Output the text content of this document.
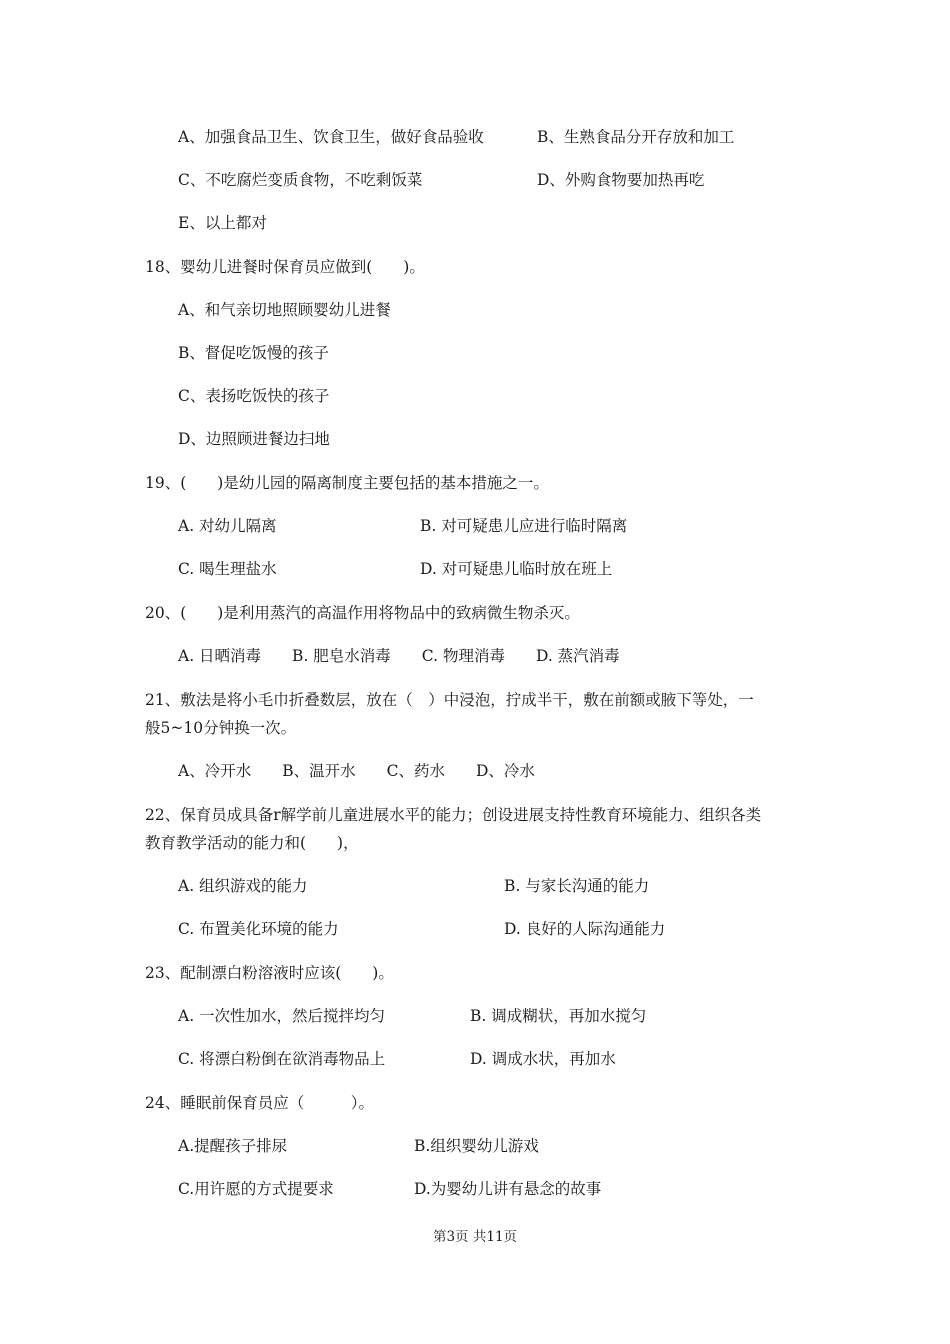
A、加强食品卫生、饮食卫生，做好食品验收	B、生熟食品分开存放和加工
C、不吃腐烂变质食物，不吃剩饭菜	D、外购食物要加热再吃
E、以上都对
18、婴幼儿进餐时保育员应做到(　　)。
A、和气亲切地照顾婴幼儿进餐
B、督促吃饭慢的孩子
C、表扬吃饭快的孩子
D、边照顾进餐边扫地
19、(　　)是幼儿园的隔离制度主要包括的基本措施之一。
A. 对幼儿隔离	B. 对可疑患儿应进行临时隔离
C. 喝生理盐水	D. 对可疑患儿临时放在班上
20、(　　)是利用蒸汽的高温作用将物品中的致病微生物杀灭。
A. 日晒消毒　　B. 肥皂水消毒　　C. 物理消毒　　D. 蒸汽消毒
21、敷法是将小毛巾折叠数层，放在（　）中浸泡，拧成半干，敷在前额或腋下等处，一
般5~10分钟换一次。
A、冷开水　　B、温开水　　C、药水　　D、冷水
22、保育员成具备r解学前儿童进展水平的能力；创设进展支持性教育环境能力、组织各类
教育教学活动的能力和(　　)，
A. 组织游戏的能力	B. 与家长沟通的能力
C. 布置美化环境的能力	D. 良好的人际沟通能力
23、配制漂白粉溶液时应该(　　)。
A. 一次性加水，然后搅拌均匀	B. 调成糊状，再加水搅匀
C. 将漂白粉倒在欲消毒物品上	D. 调成水状，再加水
24、睡眠前保育员应（　　　）。
A.提醒孩子排尿	B.组织婴幼儿游戏
C.用许愿的方式提要求	D.为婴幼儿讲有悬念的故事
第3页 共11页
